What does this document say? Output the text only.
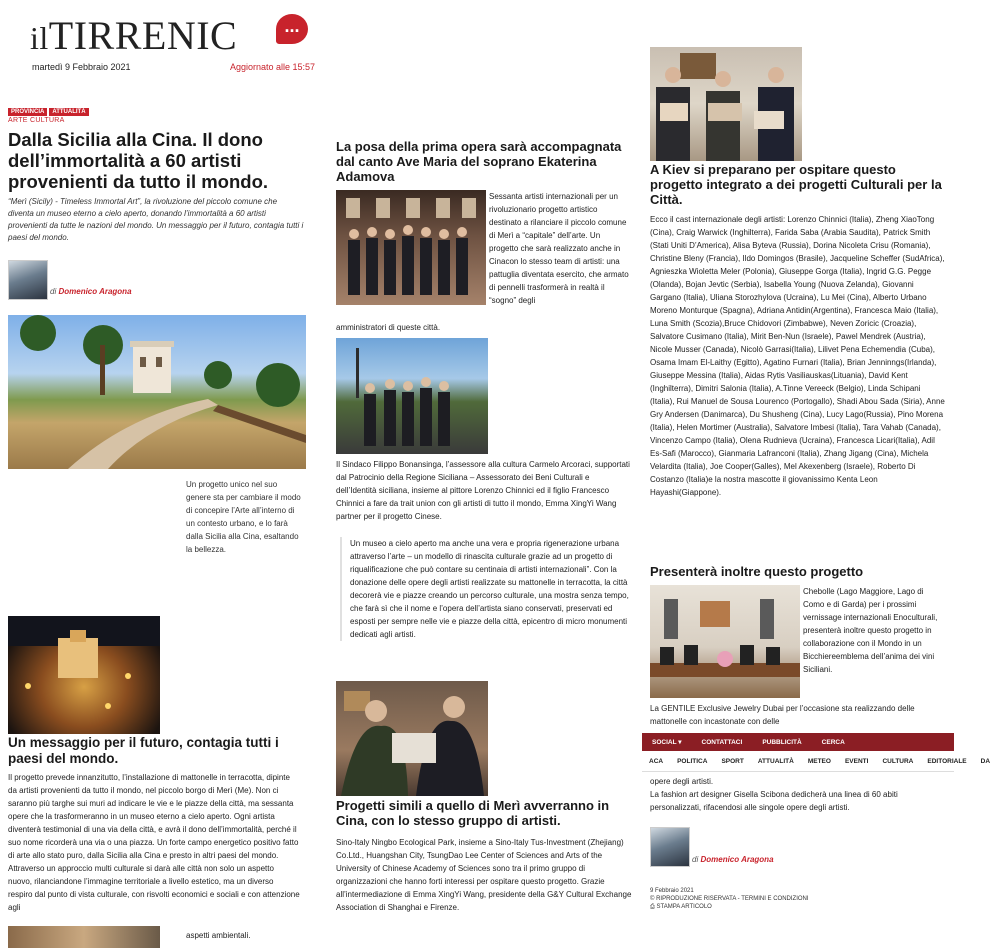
ilTIRRENIC	...
martedì 9 Febbraio 2021	Aggiornato alle 15:57
PROVINCIA ATTUALITÀ
ARTE CULTURA
Dalla Sicilia alla Cina. Il dono dell’immortalità a 60 artisti provenienti da tutto il mondo.
“Merì (Sicily) - Timeless Immortal Art”, la rivoluzione del piccolo comune che diventa un museo eterno a cielo aperto, donando l’immortalità a 60 artisti provenienti da tutte le nazioni del mondo. Un messaggio per il futuro, contagia tutti i paesi del mondo.
di Domenico Aragona
Un progetto unico nel suo genere sta per cambiare il modo di concepire l’Arte all’interno di un contesto urbano, e lo farà dalla Sicilia alla Cina, esaltando la bellezza.
Un messaggio per il futuro, contagia tutti i paesi del mondo.
Il progetto prevede innanzitutto, l’installazione di mattonelle in terracotta, dipinte da artisti provenienti da tutto il mondo, nel piccolo borgo di Merì (Me). Non ci saranno più targhe sui muri ad indicare le vie e le piazze della città, ma sessanta opere che la trasformeranno in un museo eterno a cielo aperto. Ogni artista diventerà testimonial di una via della città, e avrà il dono dell’immortalità, perché il suo nome ricorderà una via o una piazza. Un forte campo energetico positivo fatto di arte allo stato puro, dalla Sicilia alla Cina e presto in altri paesi del mondo. Attraverso un approccio multi culturale si darà alle città non solo un aspetto nuovo, rilanciandone l’immagine territoriale a livello estetico, ma un diverso respiro dal punto di vista culturale, con risvolti economici e sociali e con attenzione agli
aspetti ambientali.
La posa della prima opera sarà accompagnata dal canto Ave Maria del soprano Ekaterina Adamova
Sessanta artisti internazionali per un rivoluzionario progetto artistico destinato a rilanciare il piccolo comune di Merì a “capitale” dell’arte. Un progetto che sarà realizzato anche in Cinacon lo stesso team di artisti: una pattuglia diventata esercito, che armato di pennelli trasformerà in realtà il “sogno” degli
amministratori di queste città.
Il Sindaco Filippo Bonansinga, l’assessore alla cultura Carmelo Arcoraci, supportati dal Patrocinio della Regione Siciliana – Assessorato dei Beni Culturali e dell’Identità siciliana, insieme al pittore Lorenzo Chinnici ed il figlio Francesco Chinnici a fare da trait union con gli artisti di tutto il mondo, Emma XingYi Wang partner per il progetto Cinese.
Un museo a cielo aperto ma anche una vera e propria rigenerazione urbana attraverso l’arte – un modello di rinascita culturale grazie ad un progetto di riqualificazione che può contare su centinaia di artisti internazionali”. Con la donazione delle opere degli artisti realizzate su mattonelle in terracotta, la città decorerà vie e piazze creando un percorso culturale, una mostra senza tempo, che farà sì che il nome e l’opera dell’artista siano conservati, preservati ed esposti per sempre nelle vie e piazze della città, epicentro di micro monumenti dedicati agli artisti.
Progetti simili a quello di Merì avverranno in Cina, con lo stesso gruppo di artisti.
Sino-Italy Ningbo Ecological Park, insieme a Sino-Italy Tus-Investment (Zhejiang) Co.Ltd., Huangshan City, TsungDao Lee Center of Sciences and Arts of the University of Chinese Academy of Sciences sono tra il primo gruppo di organizzazioni che hanno forti interessi per ospitare questo progetto. Grazie all’intermediazione di Emma XingYi Wang, presidente della G&Y Cultural Exchange Association di Shanghai e Firenze.
A Kiev si preparano per ospitare questo progetto integrato a dei progetti Culturali per la Città.
Ecco il cast internazionale degli artisti: Lorenzo Chinnici (Italia), Zheng XiaoTong (Cina), Craig Warwick (Inghilterra), Farida Saba (Arabia Saudita), Patrick Smith (Stati Uniti D’America), Alisa Byteva (Russia), Dorina Nicoleta Crisu (Romania), Christine Bleny (Francia), Ildo Domingos (Brasile), Jacqueline Scheffer (SudAfrica), Agnieszka Wioletta Meler (Polonia), Giuseppe Gorga (Italia), Ingrid G.G. Pegge (Olanda), Bojan Jevtic (Serbia), Isabella Young (Nuova Zelanda), Giovanni Gargano (Italia), Uliana Storozhylova (Ucraina), Lu Mei (Cina), Alberto Urbano Moreno Monturque (Spagna), Adriana Antidin(Argentina), Francesca Maio (Italia), Luna Smith (Scozia),Bruce Chidovori (Zimbabwe), Neven Zoricic (Croazia), Salvatore Cusimano (Italia), Mirit Ben-Nun (Israele), Pawel Mendrek (Austria), Nicole Musser (Canada), Nicolò Garrasi(Italia), Lilivet Pena Echemendia (Cuba), Osama Imam El-Laithy (Egitto), Agatino Furnari (Italia), Brian Jenninngs(Irlanda), Giuseppe Messina (Italia), Aidas Rytis Vasiliauskas(Lituania), David Kent (Inghilterra), Dimitri Salonia (Italia), A.Tinne Vereeck (Belgio), Linda Schipani (Italia), Rui Manuel de Sousa Lourenco (Portogallo), Shadi Abou Sada (Siria), Anne Gry Andersen (Danimarca), Du Shusheng (Cina), Lucy Lago(Russia), Pino Morena (Italia), Helen Mortimer (Australia), Salvatore Imbesi (Italia), Tara Vahab (Canada), Vincenzo Campo (Italia), Olena Rudnieva (Ucraina), Francesca Licari(Italia), Adil Es-Safi (Marocco), Gianmaria Lafranconi (Italia), Zhang Jigang (Cina), Michela Velardita (Italia), Joe Cooper(Galles), Mel Akexenberg (Israele), Roberto Di Costanzo (Italia)e la nostra mascotte il giovanissimo Kenta Leon Hayashi(Giappone).
Presenterà inoltre questo progetto
Chebolle (Lago Maggiore, Lago di Como e di Garda) per i prossimi vernissage internazionali Enoculturali, presenterà inoltre questo progetto in collaborazione con il Mondo in un Bicchiereemblema dell’anima dei vini Siciliani.
La GENTILE Exclusive Jewelry Dubai per l’occasione sta realizzando delle mattonelle con incastonate con delle
SOCIAL ▾	CONTATTACI	PUBBLICITÀ	CERCA
ACA	POLITICA	SPORT	ATTUALITÀ	METEO	EVENTI	CULTURA	EDITORIALE	DA
opere degli artisti.
La fashion art designer Gisella Scibona dedicherà una linea di 60 abiti personalizzati, rifacendosi alle singole opere degli artisti.
di Domenico Aragona
9 Febbraio 2021
© RIPRODUZIONE RISERVATA - TERMINI E CONDIZIONI
⎙ STAMPA ARTICOLO
